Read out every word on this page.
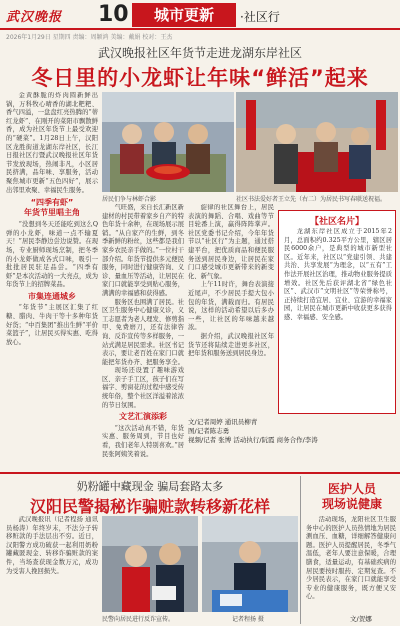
武汉晚报 10	城市更新	·社区行
2026年1月29日 星期四 责编：周颖鸿 美编：戴娟 校对：王杰
武汉晚报社区年货节走进龙湖东岸社区
冬日里的小龙虾让年味“鲜活”起来
居民们争与林虾合影	社区书法爱好者王立先（右二）为居民书写春联送祝福。

金黄酥脆的炸肉圆新鲜出锅，万科牧心晴香的湖北粑粑、香气四溢，一盘盘红亮热腾的“蒂红龙虾”、在刚开的菜阳市飘散鲜香，成为社区年货节上最受欢迎的“硬菜”。1月28日上午，汉阳区龙胜街道龙湖东岸社区，长江日报社区行暨武汉晚报社区年货节发放现场，热闹非凡，小区居民挤满，品年味、享服务，活动聚焦城市更新“五色四好”，展示出邻里欢聚、幸福民生服务。

“四季有虾”
年货节里唱主角

“没想到冬天还能吃到这么Q弹的小龙虾，味道一点不输夏天！”居民李静边尝边说赞。在现场，专业厨师现场烹制，把冬季的小龙虾做成各式口味，吸引一批批居民驻足品尝。“四季有虾”是本次活动的一大亮点，成为年货节上的招牌菜品。

市集连通城乡

“年货节”主展区汇集了红糖、腊肉、牛肉干等十多种年货好货；“中百集团”推出生鲜“平价菜篮子”，让居民买得实惠、吃得放心。

气旺盛，来自长汇新区新建材的村民带着家乡自产的特色年货十余种，在现场展示展销。“从自家产的生鲜，到冬季新鲜的粉丝，这些都是我们家乡农民亲手做的。”一位村干部介绍。年货节提供多元便民服务，同时进行健康咨询、义诊、量血压等活动，让居民在家门口就能享受到贴心服务，满满的幸福感和获得感。

服务区也围满了居民。社区卫生服务中心健康义诊，义工志愿者为老人理发、修剪指甲、免费磨刀，还有法律咨询、反诈宣传等多样服务，一站式满足居民需求。社区书记表示，要让老百姓在家门口就能把年货办齐、把服务享全。

现场还设置了趣味游戏区、亲子手工区，孩子们在写福字、剪窗花的过程中感受传统年俗，整个社区洋溢着浓浓的节日氛围。

文艺汇演添彩

“这次活动真不错，年货实惠、服务周到，节目也好看，我们老年人特别喜欢。”居民张阿姨笑着说。

旋律的社区舞台上，居民表演的舞蹈、合唱、戏曲等节目轮番上演，赢得阵阵掌声。社区党委书记介绍，今年年货节以“社区行”为主题，通过搭建平台，把优质商品和便民服务送到居民身边，让居民在家门口感受城市更新带来的新变化、新气象。

上午11时许，舞台表演接近尾声，不少居民手提大包小包的年货，满载而归。有居民说，这样的活动希望以后多办一些，让社区的年味越来越浓。

据介绍，武汉晚报社区年货节还将陆续走进更多社区，把年货和服务送到居民身边。

文/记者周婷 通讯员柳青
图/记者陈志勇
视频/记者 张博 活动执行/阮霞 商务合作/李涛
【社区名片】
龙湖东岸社区成立于2015年2月，总面积约0.325平方公里，辖区居民6000余户，是典型的城市新型社区。近年来，社区以“党建引领、共建共治、共享发展“为理念，以“五有”工作法开展社区治理，推动物业服务提质增效。社区先后获评湖北省“绿色社区”、武汉市“文明社区”等荣誉称号，正持续打造宜居、宜业、宜游的幸福家园，让居民在城市更新中收获更多获得感、幸福感、安全感。
奶粉罐中藏现金 骗局套路太多
汉阳民警揭秘诈骗赃款转移新花样
武汉晚报讯（记者程扬 通讯员杨涛）年终岁末，不法分子转移赃款的手法层出不穷。近日，汉阳警方成功破获一起利用奶粉罐藏匿现金、转移诈骗赃款的案件，当场查获现金数万元，成功为受害人挽回损失。
民警向居民进行反诈宣传。	记者程扬 摄
医护人员
现场说健康
活动现场，龙阳社区卫生服务中心的医护人员热情地为居民测血压、血糖，详细解答健康问题。医护人员提醒居民，冬季气温低，老年人要注意保暖，合理膳食，适量运动，有基础疾病的居民要按时服药、定期复查。不少居民表示，在家门口就能享受专业的健康服务，既方便又安心。
文/贺娜
